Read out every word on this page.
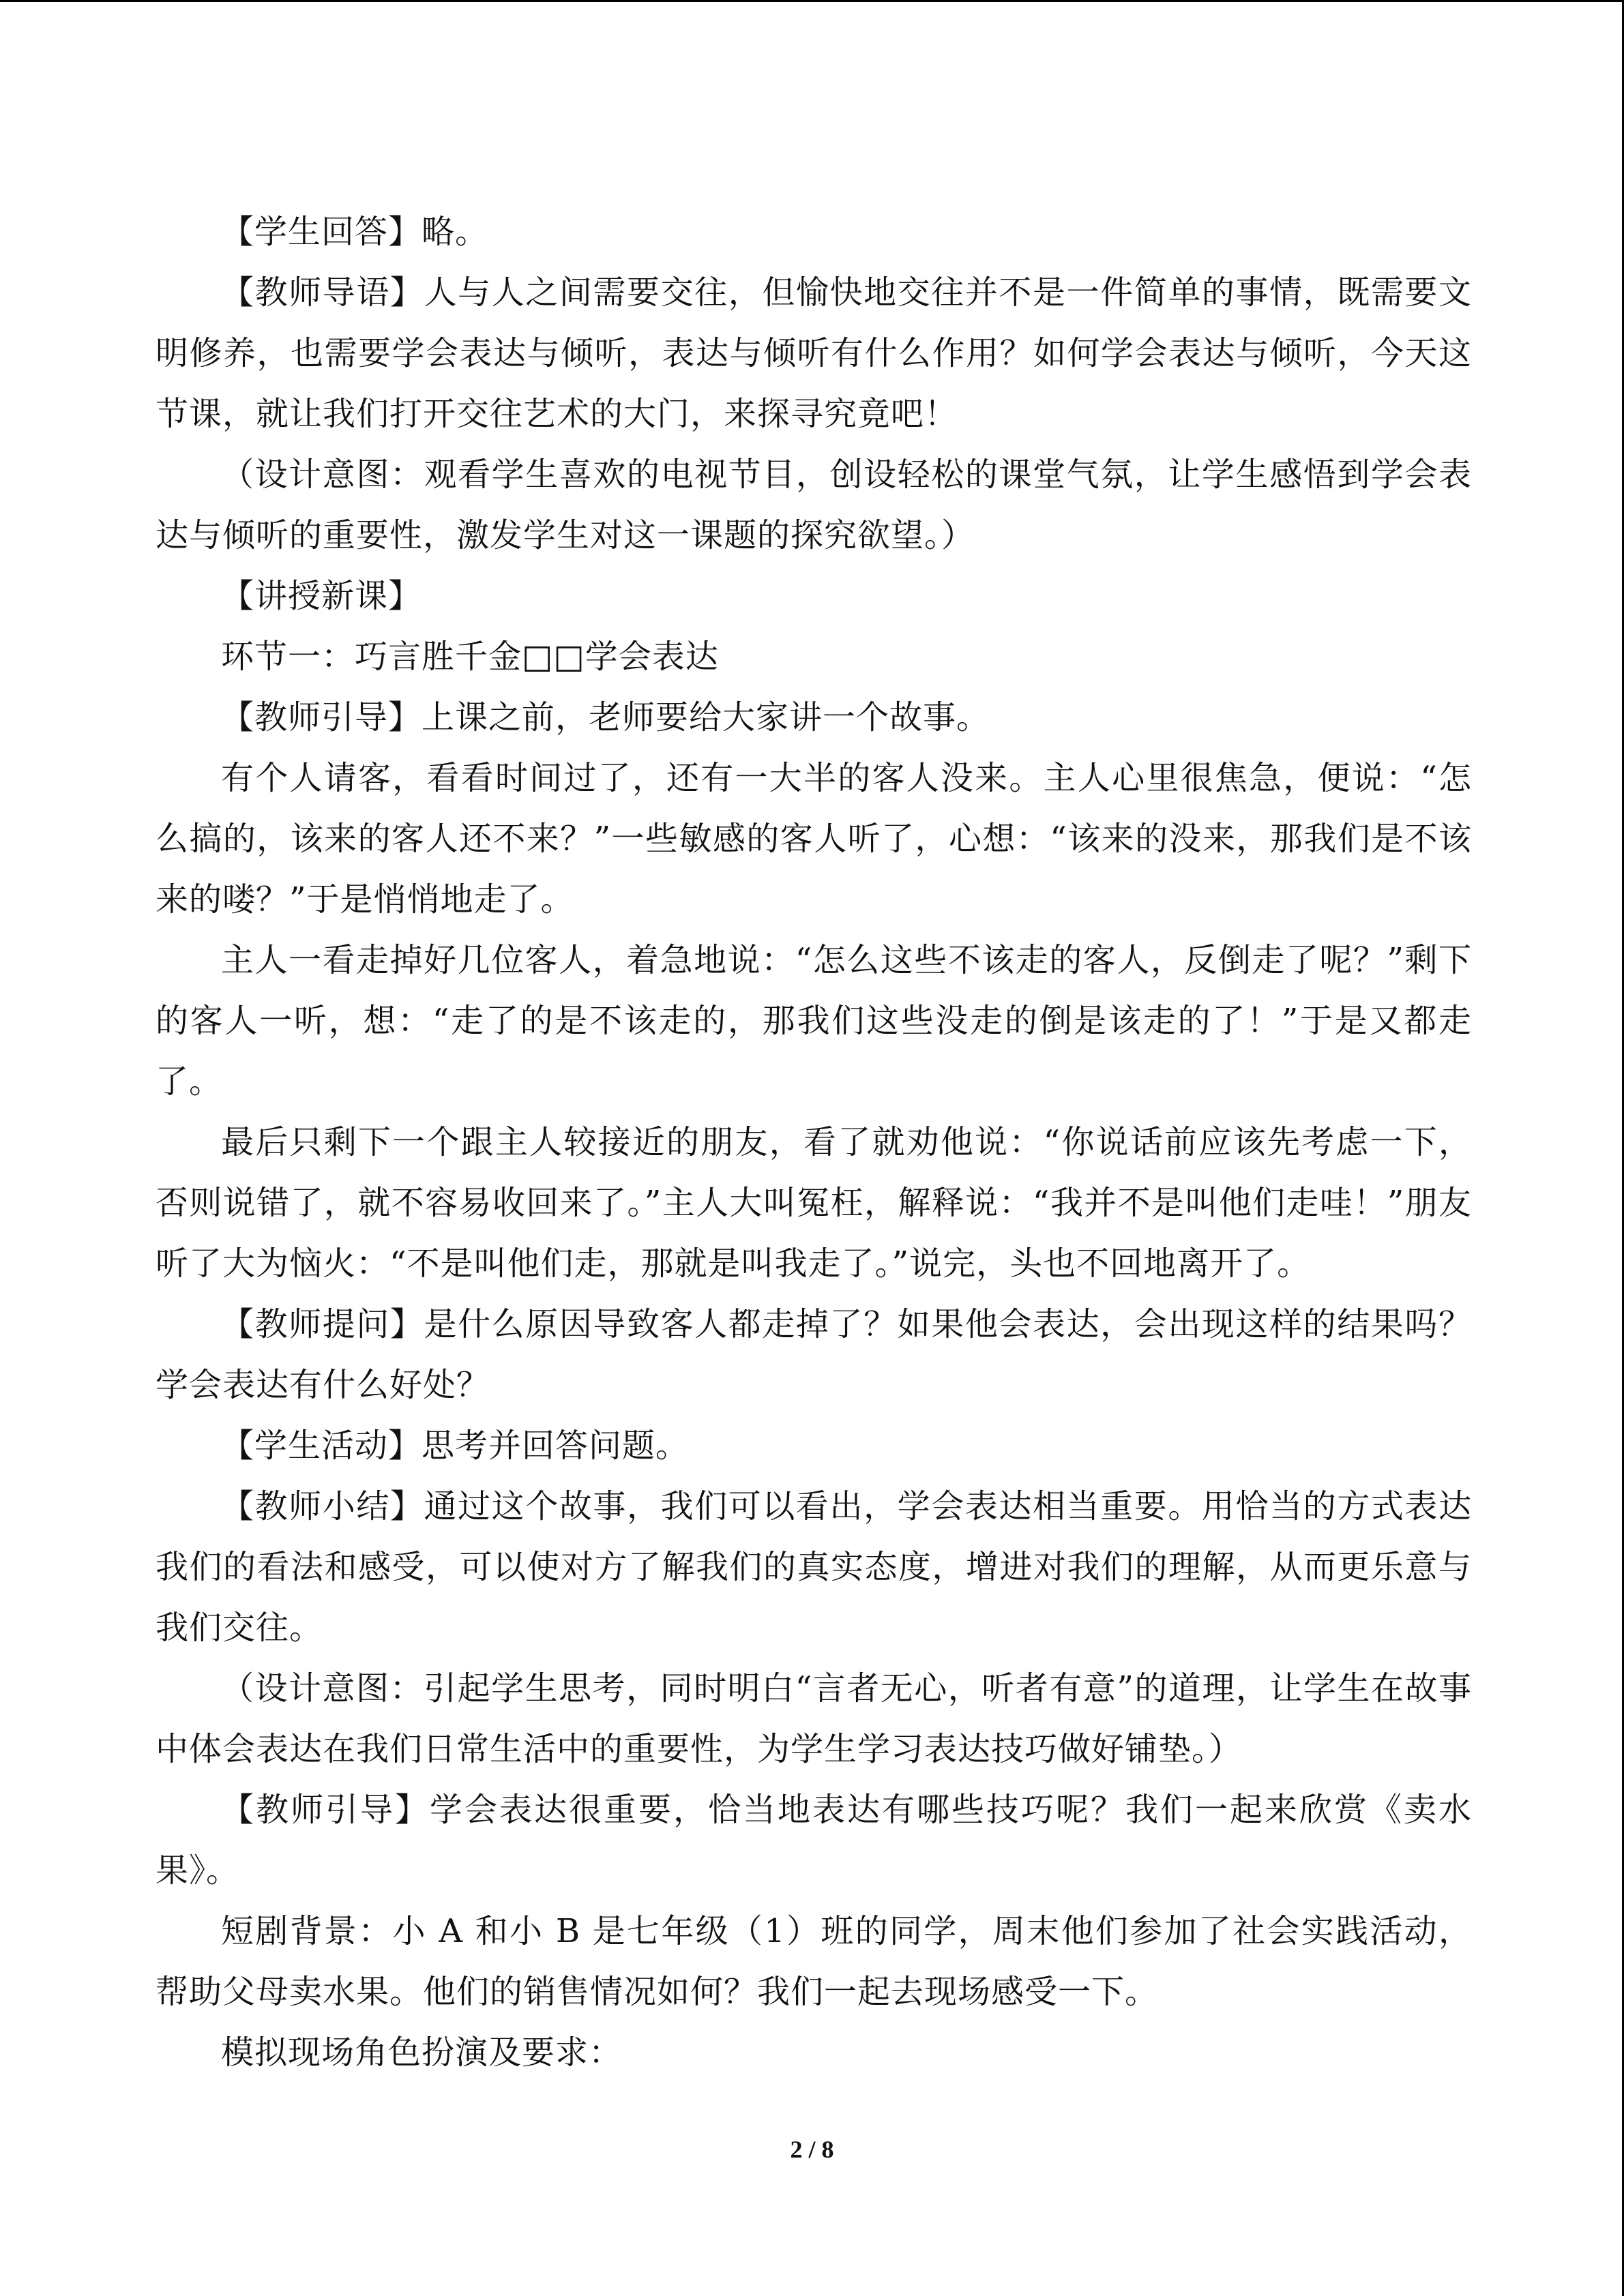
【学生回答】略。

【教师导语】人与人之间需要交往，但愉快地交往并不是一件简单的事情，既需要文明修养，也需要学会表达与倾听，表达与倾听有什么作用？如何学会表达与倾听，今天这节课，就让我们打开交往艺术的大门，来探寻究竟吧！

（设计意图：观看学生喜欢的电视节目，创设轻松的课堂气氛，让学生感悟到学会表达与倾听的重要性，激发学生对这一课题的探究欲望。）

【讲授新课】

环节一：巧言胜千金□□学会表达

【教师引导】上课之前，老师要给大家讲一个故事。

有个人请客，看看时间过了，还有一大半的客人没来。主人心里很焦急，便说：“怎么搞的，该来的客人还不来？”一些敏感的客人听了，心想：“该来的没来，那我们是不该来的喽？”于是悄悄地走了。

主人一看走掉好几位客人，着急地说：“怎么这些不该走的客人，反倒走了呢？”剩下的客人一听，想：“走了的是不该走的，那我们这些没走的倒是该走的了！”于是又都走了。

最后只剩下一个跟主人较接近的朋友，看了就劝他说：“你说话前应该先考虑一下，否则说错了，就不容易收回来了。”主人大叫冤枉，解释说：“我并不是叫他们走哇！”朋友听了大为恼火：“不是叫他们走，那就是叫我走了。”说完，头也不回地离开了。

【教师提问】是什么原因导致客人都走掉了？如果他会表达，会出现这样的结果吗？学会表达有什么好处？

【学生活动】思考并回答问题。

【教师小结】通过这个故事，我们可以看出，学会表达相当重要。用恰当的方式表达我们的看法和感受，可以使对方了解我们的真实态度，增进对我们的理解，从而更乐意与我们交往。

（设计意图：引起学生思考，同时明白“言者无心，听者有意”的道理，让学生在故事中体会表达在我们日常生活中的重要性，为学生学习表达技巧做好铺垫。）

【教师引导】学会表达很重要，恰当地表达有哪些技巧呢？我们一起来欣赏《卖水果》。

短剧背景：小 A 和小 B 是七年级（1）班的同学，周末他们参加了社会实践活动，帮助父母卖水果。他们的销售情况如何？我们一起去现场感受一下。

模拟现场角色扮演及要求：

2 / 8
